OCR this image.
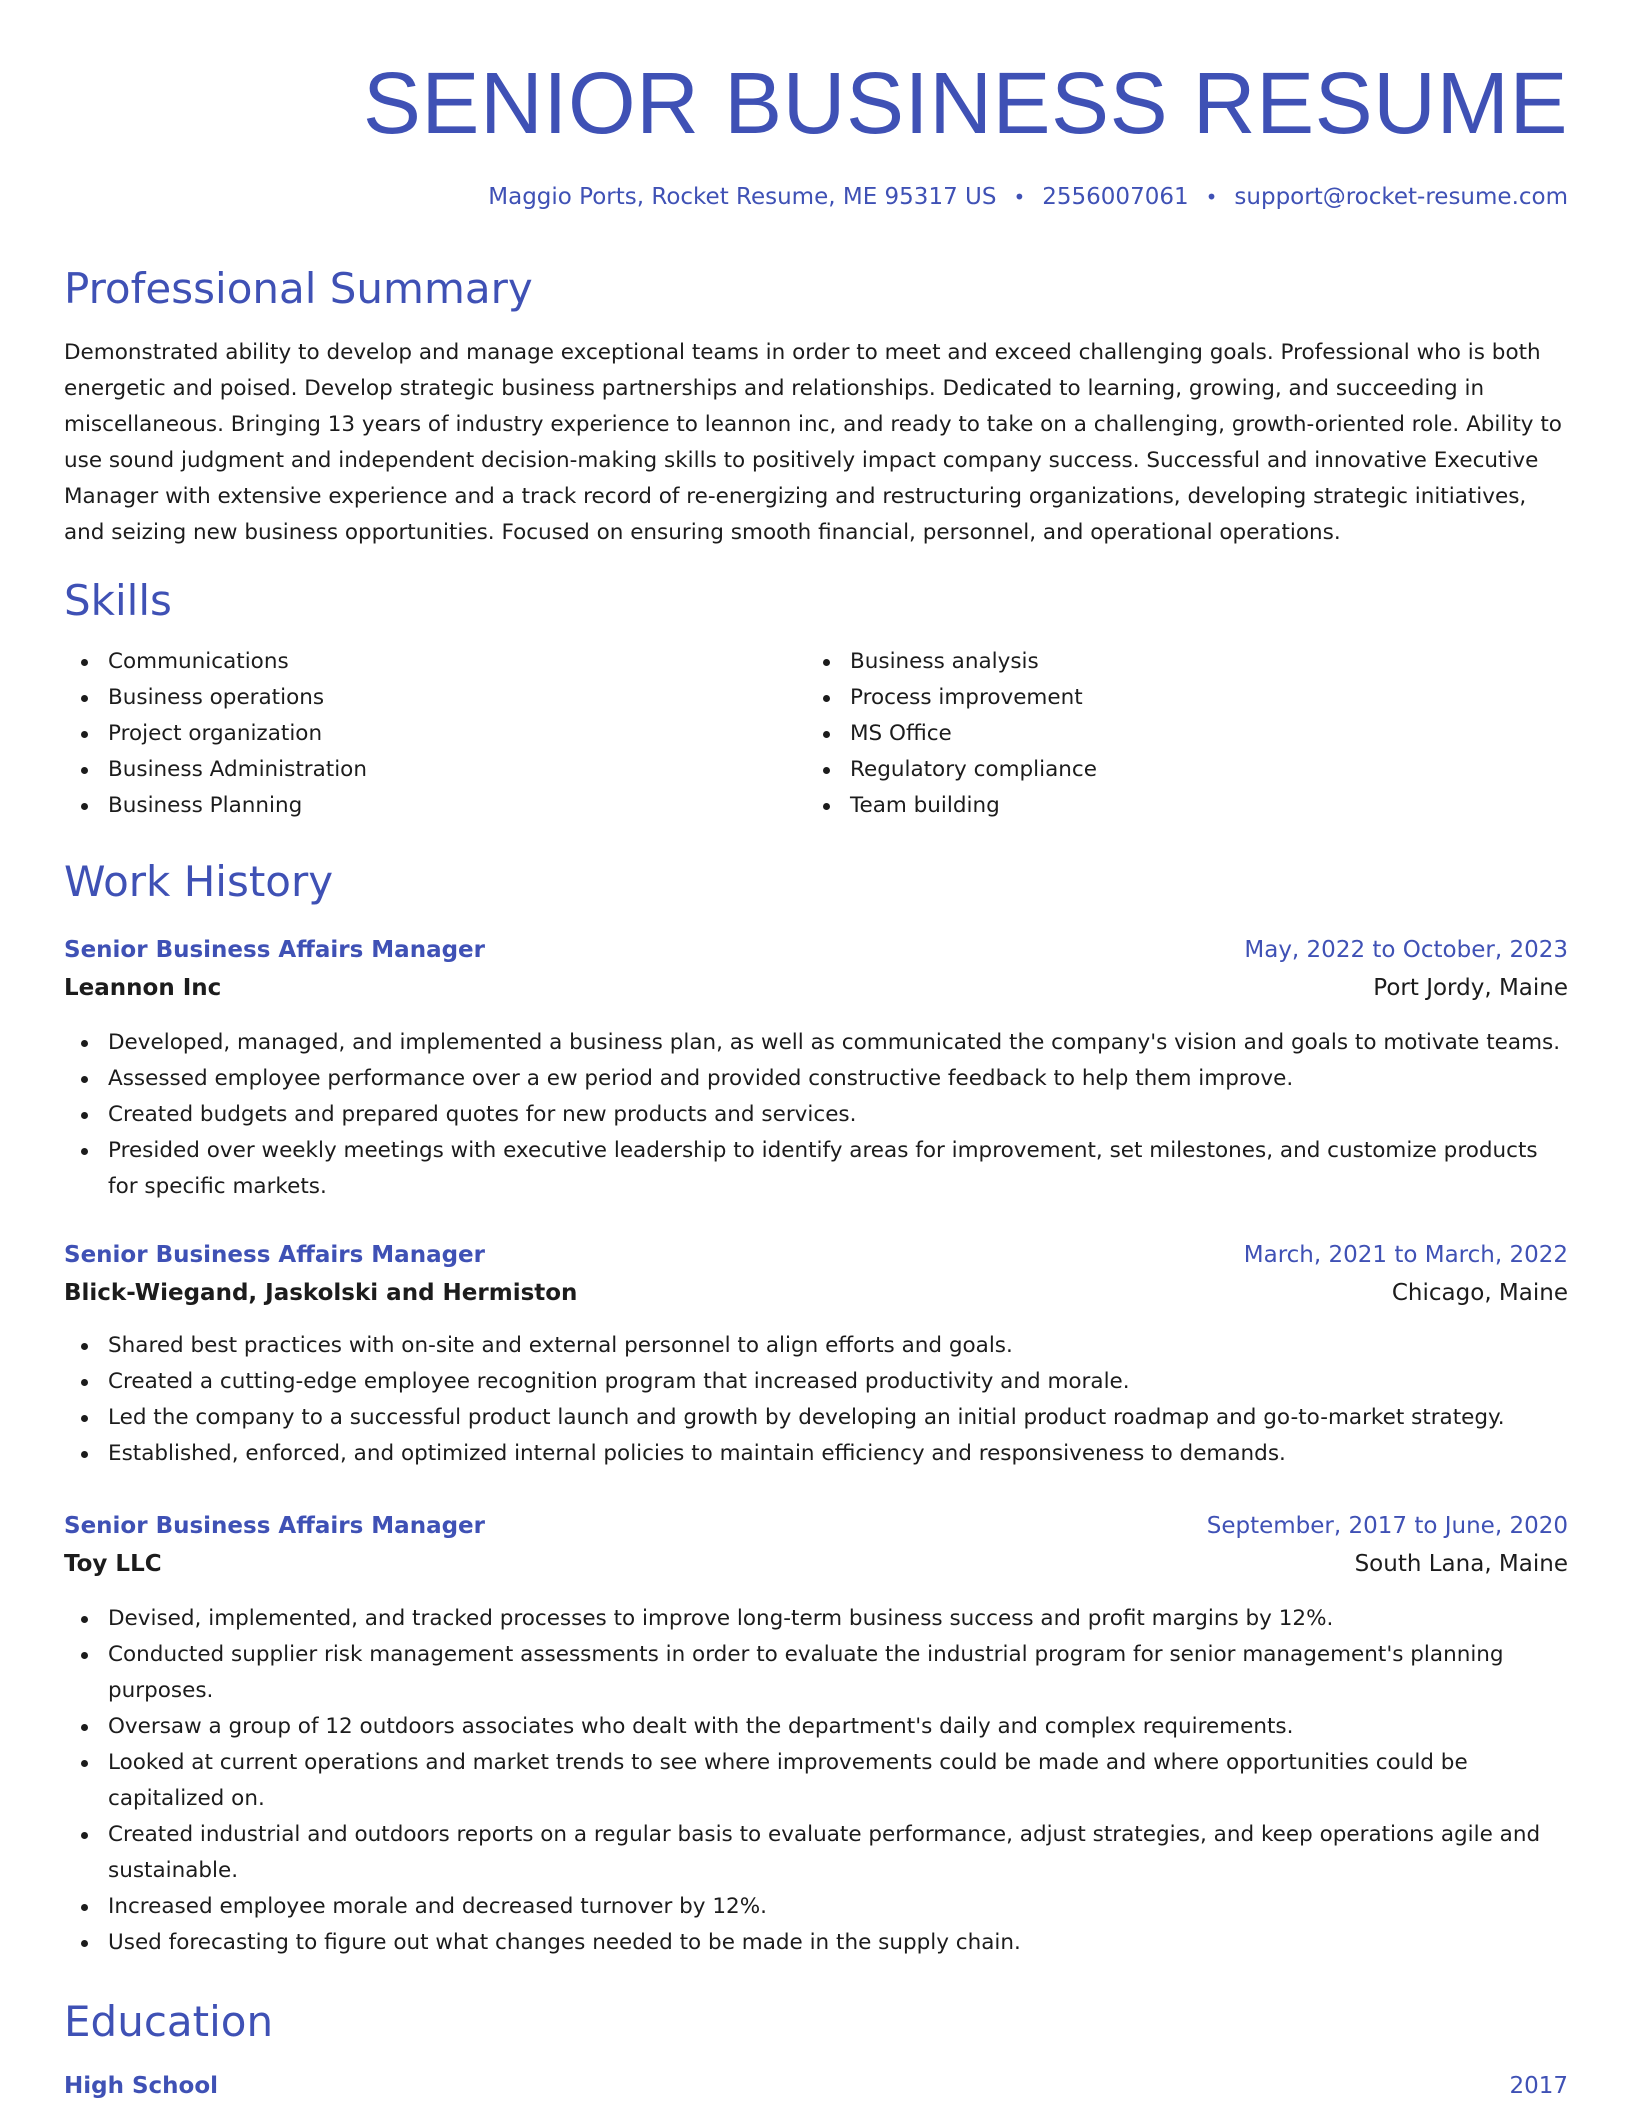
SENIOR BUSINESS RESUME
Maggio Ports, Rocket Resume, ME 95317 US • 2556007061 • support@rocket-resume.com
Professional Summary

Demonstrated ability to develop and manage exceptional teams in order to meet and exceed challenging goals. Professional who is both energetic and poised. Develop strategic business partnerships and relationships. Dedicated to learning, growing, and succeeding in miscellaneous. Bringing 13 years of industry experience to leannon inc, and ready to take on a challenging, growth-oriented role. Ability to use sound judgment and independent decision-making skills to positively impact company success. Successful and innovative Executive Manager with extensive experience and a track record of re-energizing and restructuring organizations, developing strategic initiatives, and seizing new business opportunities. Focused on ensuring smooth financial, personnel, and operational operations.

Skills
Communications
Business operations
Project organization
Business Administration
Business Planning
Business analysis
Process improvement
MS Office
Regulatory compliance
Team building
Work History
Senior Business Affairs Manager	May, 2022 to October, 2023
Leannon Inc	Port Jordy, Maine
Developed, managed, and implemented a business plan, as well as communicated the company's vision and goals to motivate teams.
Assessed employee performance over a ew period and provided constructive feedback to help them improve.
Created budgets and prepared quotes for new products and services.
Presided over weekly meetings with executive leadership to identify areas for improvement, set milestones, and customize products for specific markets.
Senior Business Affairs Manager	March, 2021 to March, 2022
Blick-Wiegand, Jaskolski and Hermiston	Chicago, Maine
Shared best practices with on-site and external personnel to align efforts and goals.
Created a cutting-edge employee recognition program that increased productivity and morale.
Led the company to a successful product launch and growth by developing an initial product roadmap and go-to-market strategy.
Established, enforced, and optimized internal policies to maintain efficiency and responsiveness to demands.
Senior Business Affairs Manager	September, 2017 to June, 2020
Toy LLC	South Lana, Maine
Devised, implemented, and tracked processes to improve long-term business success and profit margins by 12%.
Conducted supplier risk management assessments in order to evaluate the industrial program for senior management's planning purposes.
Oversaw a group of 12 outdoors associates who dealt with the department's daily and complex requirements.
Looked at current operations and market trends to see where improvements could be made and where opportunities could be capitalized on.
Created industrial and outdoors reports on a regular basis to evaluate performance, adjust strategies, and keep operations agile and sustainable.
Increased employee morale and decreased turnover by 12%.
Used forecasting to figure out what changes needed to be made in the supply chain.
Education
High School	2017
